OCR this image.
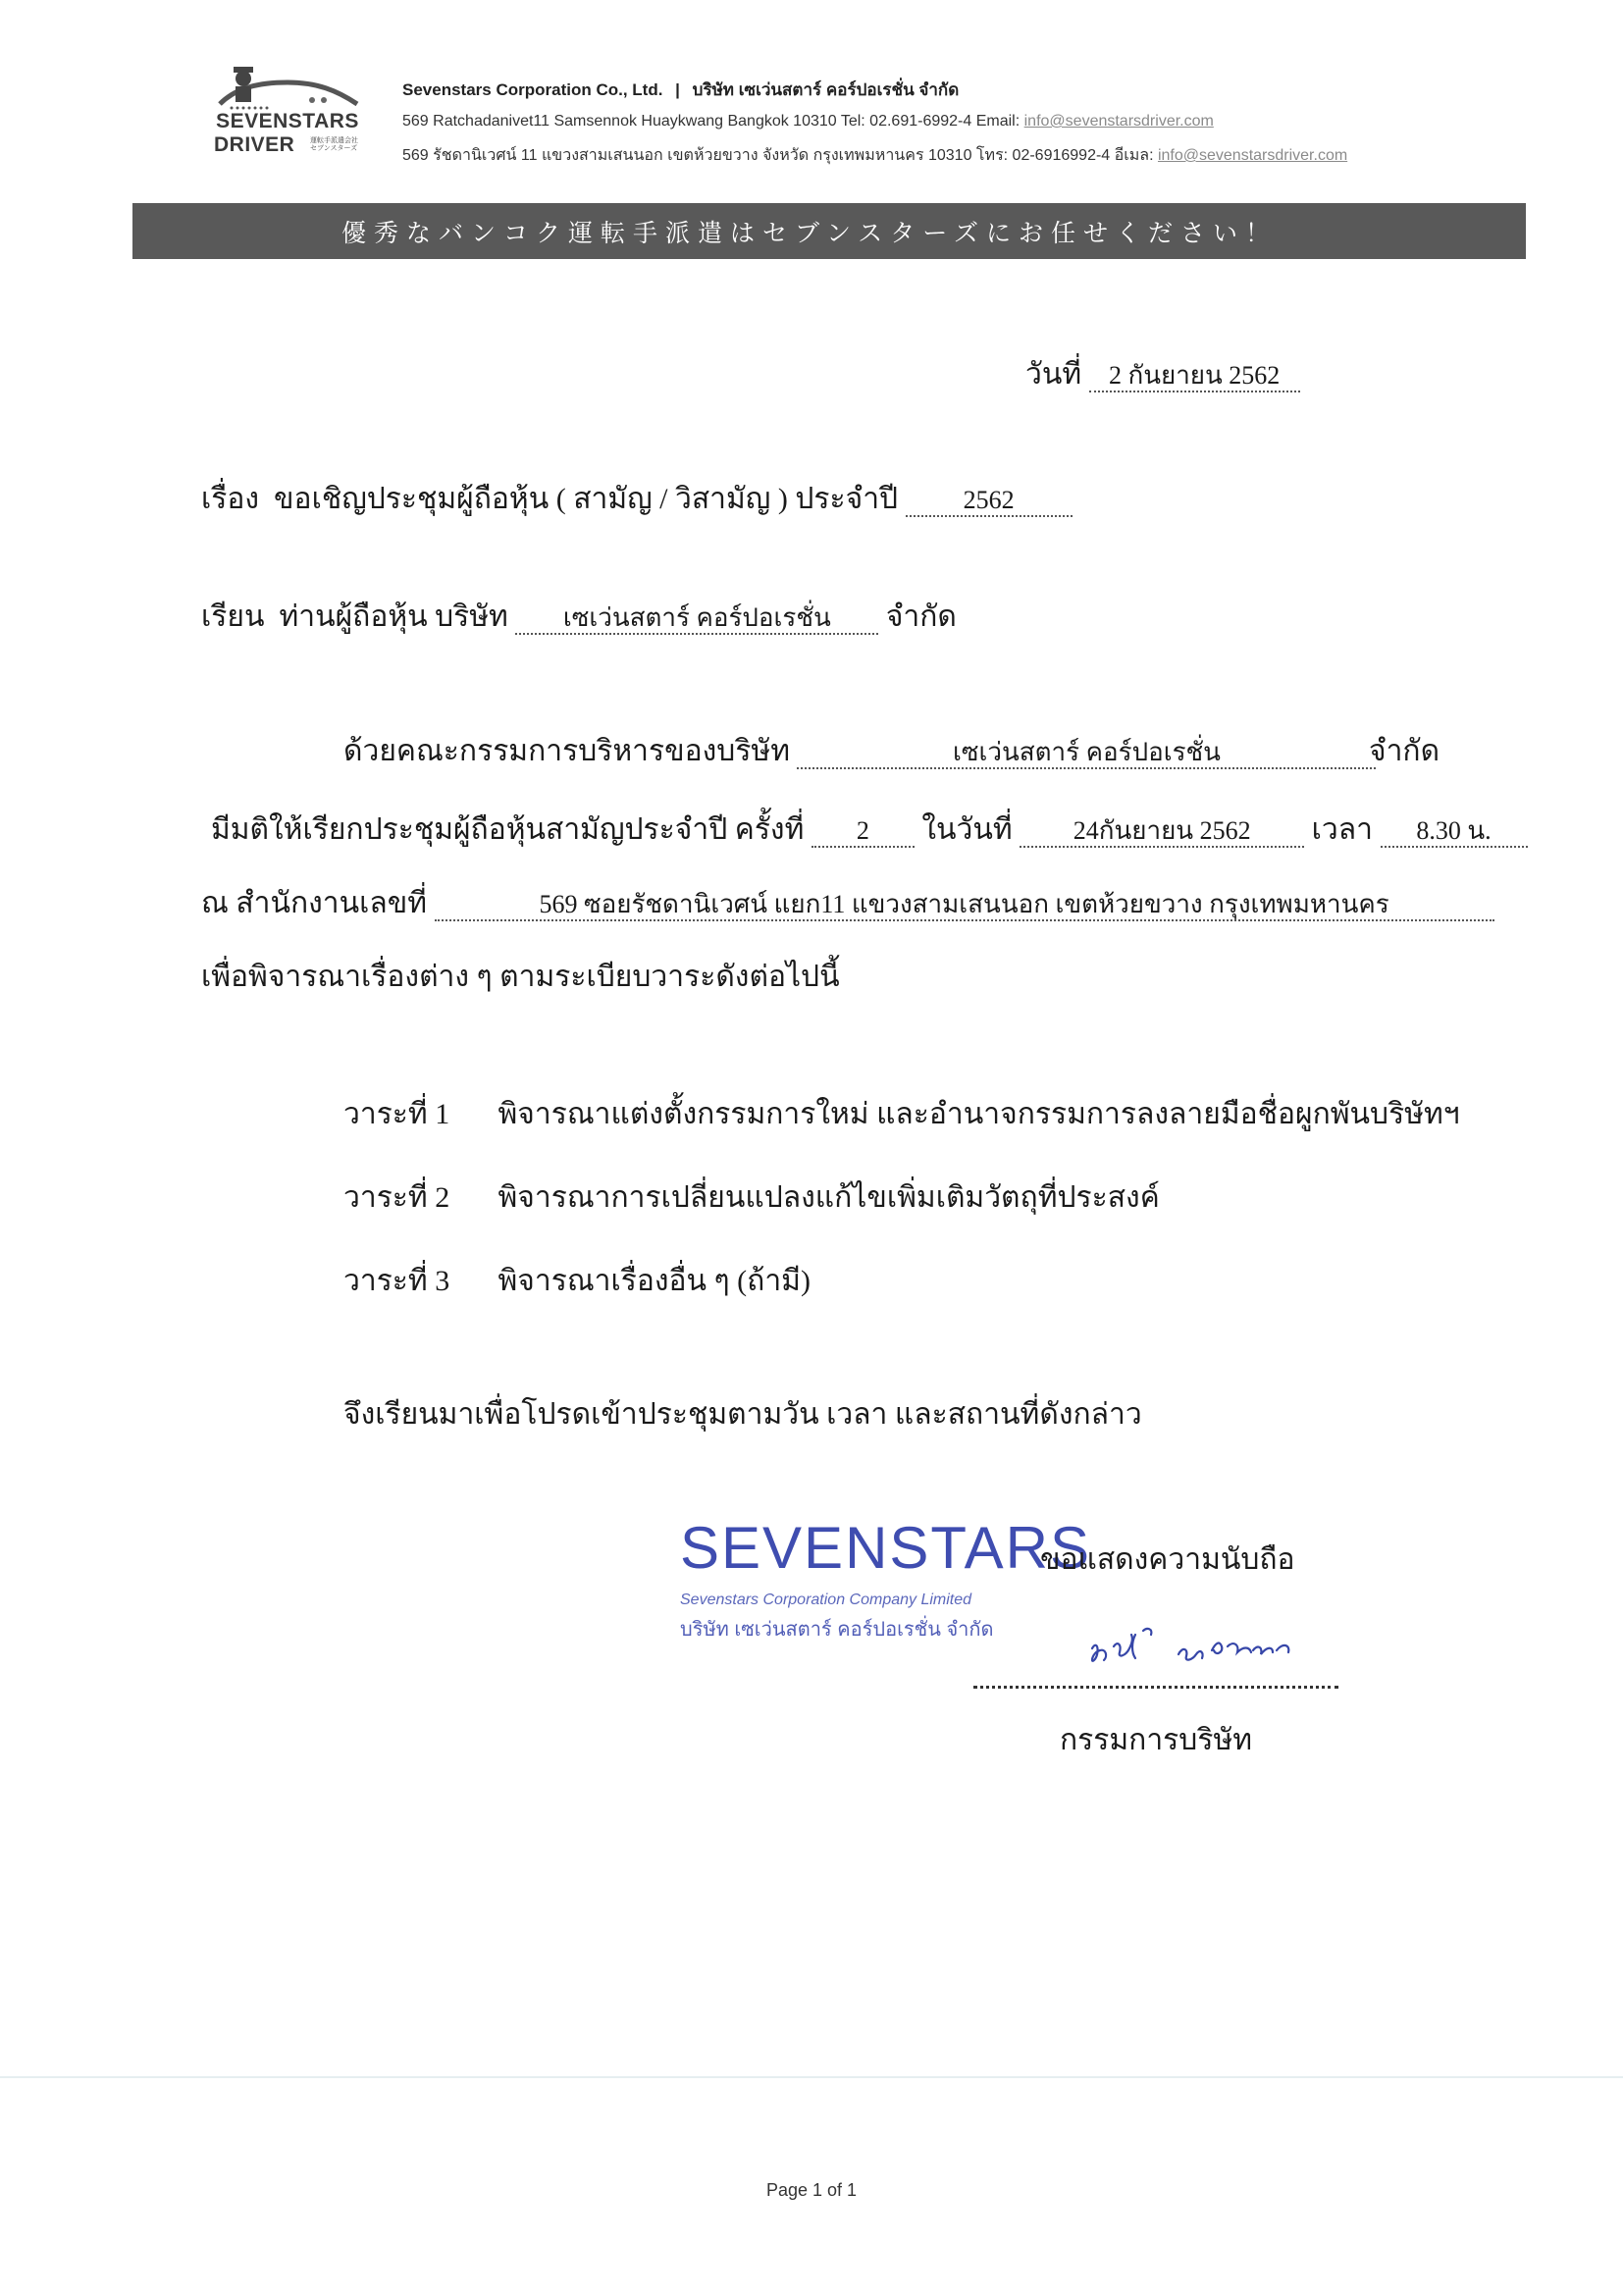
SEVENSTARS
DRIVER	運転手派遣会社 セブンスターズ
Sevenstars Corporation Co., Ltd. | บริษัท เซเว่นสตาร์ คอร์ปอเรชั่น จำกัด
569 Ratchadanivet11 Samsennok Huaykwang Bangkok 10310 Tel: 02.691-6992-4 Email: info@sevenstarsdriver.com
569 รัชดานิเวศน์ 11 แขวงสามเสนนอก เขตห้วยขวาง จังหวัด กรุงเทพมหานคร 10310 โทร: 02-6916992-4 อีเมล: info@sevenstarsdriver.com
優秀なバンコク運転手派遣はセブンスターズにお任せください！
วันที่ 2 กันยายน 2562
เรื่อง ขอเชิญประชุมผู้ถือหุ้น ( สามัญ / วิสามัญ ) ประจำปี	2562
เรียน ท่านผู้ถือหุ้น บริษัท เซเว่นสตาร์ คอร์ปอเรชั่น จำกัด
ด้วยคณะกรรมการบริหารของบริษัท	เซเว่นสตาร์ คอร์ปอเรชั่น	จำกัด
มีมติให้เรียกประชุมผู้ถือหุ้นสามัญประจำปี ครั้งที่ 2 ในวันที่ 24กันยายน 2562 เวลา 8.30 น.
ณ สำนักงานเลขที่	569 ซอยรัชดานิเวศน์ แยก11 แขวงสามเสนนอก เขตห้วยขวาง กรุงเทพมหานคร
เพื่อพิจารณาเรื่องต่าง ๆ ตามระเบียบวาระดังต่อไปนี้
วาระที่ 1 พิจารณาแต่งตั้งกรรมการใหม่ และอำนาจกรรมการลงลายมือชื่อผูกพันบริษัทฯ
วาระที่ 2 พิจารณาการเปลี่ยนแปลงแก้ไขเพิ่มเติมวัตถุที่ประสงค์
วาระที่ 3 พิจารณาเรื่องอื่น ๆ (ถ้ามี)
จึงเรียนมาเพื่อโปรดเข้าประชุมตามวัน เวลา และสถานที่ดังกล่าว
SEVENSTARS
Sevenstars Corporation Company Limited
บริษัท เซเว่นสตาร์ คอร์ปอเรชั่น จำกัด
ขอแสดงความนับถือ
กรรมการบริษัท
Page 1 of 1
